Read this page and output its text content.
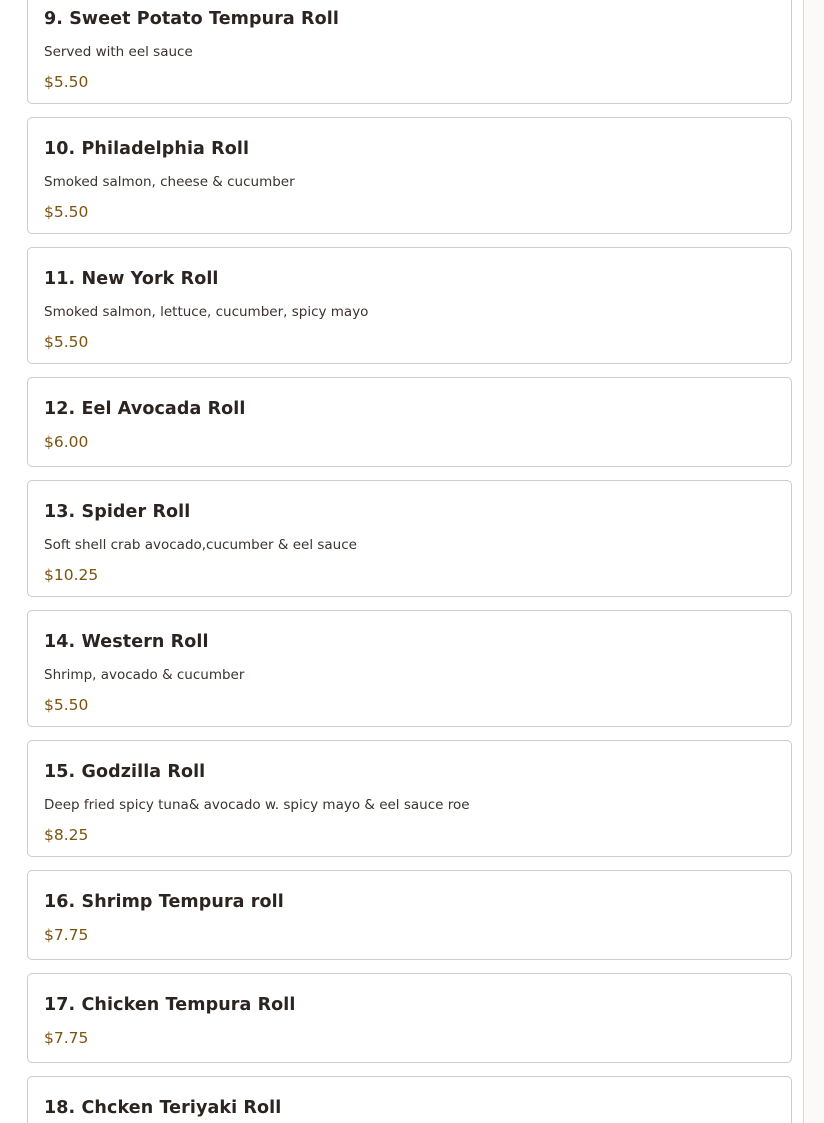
9. Sweet Potato Tempura Roll

Served with eel sauce

$5.50

10. Philadelphia Roll

Smoked salmon, cheese & cucumber

$5.50

11. New York Roll

Smoked salmon, lettuce, cucumber, spicy mayo

$5.50

12. Eel Avocada Roll

$6.00

13. Spider Roll

Soft shell crab avocado,cucumber & eel sauce

$10.25

14. Western Roll

Shrimp, avocado & cucumber

$5.50

15. Godzilla Roll

Deep fried spicy tuna& avocado w. spicy mayo & eel sauce roe

$8.25

16. Shrimp Tempura roll

$7.75

17. Chicken Tempura Roll

$7.75

18. Chcken Teriyaki Roll
